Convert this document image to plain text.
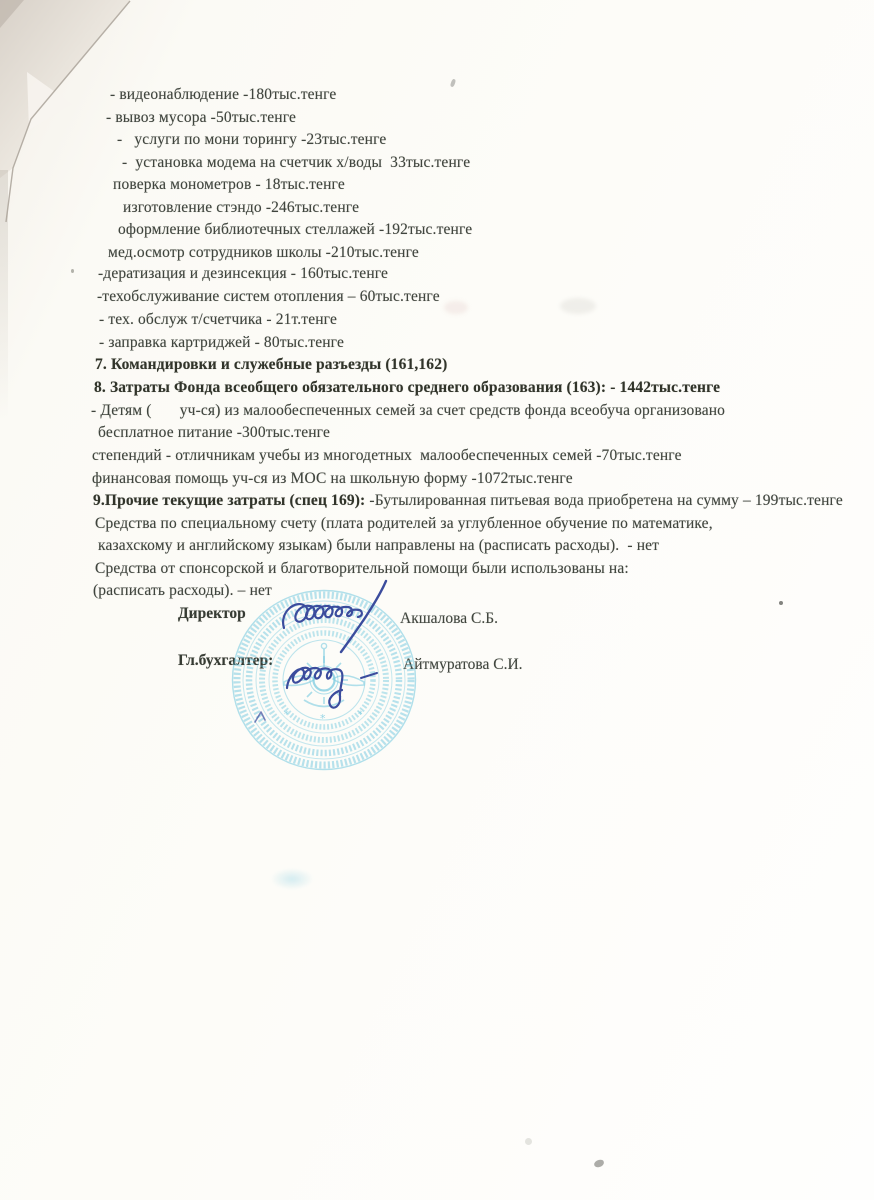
- видеонаблюдение -180тыс.тенге
- вывоз мусора -50тыс.тенге
-   услуги по мони торингу -23тыс.тенге
-  установка модема на счетчик х/воды  33тыс.тенге
поверка монометров - 18тыс.тенге
изготовление стэндо -246тыс.тенге
оформление библиотечных стеллажей -192тыс.тенге
мед.осмотр сотрудников школы -210тыс.тенге
-дератизация и дезинсекция - 160тыс.тенге
-техобслуживание систем отопления – 60тыс.тенге
- тех. обслуж т/счетчика - 21т.тенге
- заправка картриджей - 80тыс.тенге
7. Командировки и служебные разъезды (161,162)
8. Затраты Фонда всеобщего обязательного среднего образования (163): - 1442тыс.тенге
- Детям (       уч-ся) из малообеспеченных семей за счет средств фонда всеобуча организовано
бесплатное питание -300тыс.тенге
степендий - отличникам учебы из многодетных  малообеспеченных семей -70тыс.тенге
финансовая помощь уч-ся из МОС на школьную форму -1072тыс.тенге
9.Прочие текущие затраты (спец 169): -Бутылированная питьевая вода приобретена на сумму – 199тыс.тенге
Средства по специальному счету (плата родителей за углубленное обучение по математике,
казахскому и английскому языкам) были направлены на (расписать расходы).  - нет
Средства от спонсорской и благотворительной помощи были использованы на:
(расписать расходы). – нет
Директор	Акшалова С.Б.
Гл.бухгалтер:	Айтмуратова С.И.
*
*	*
